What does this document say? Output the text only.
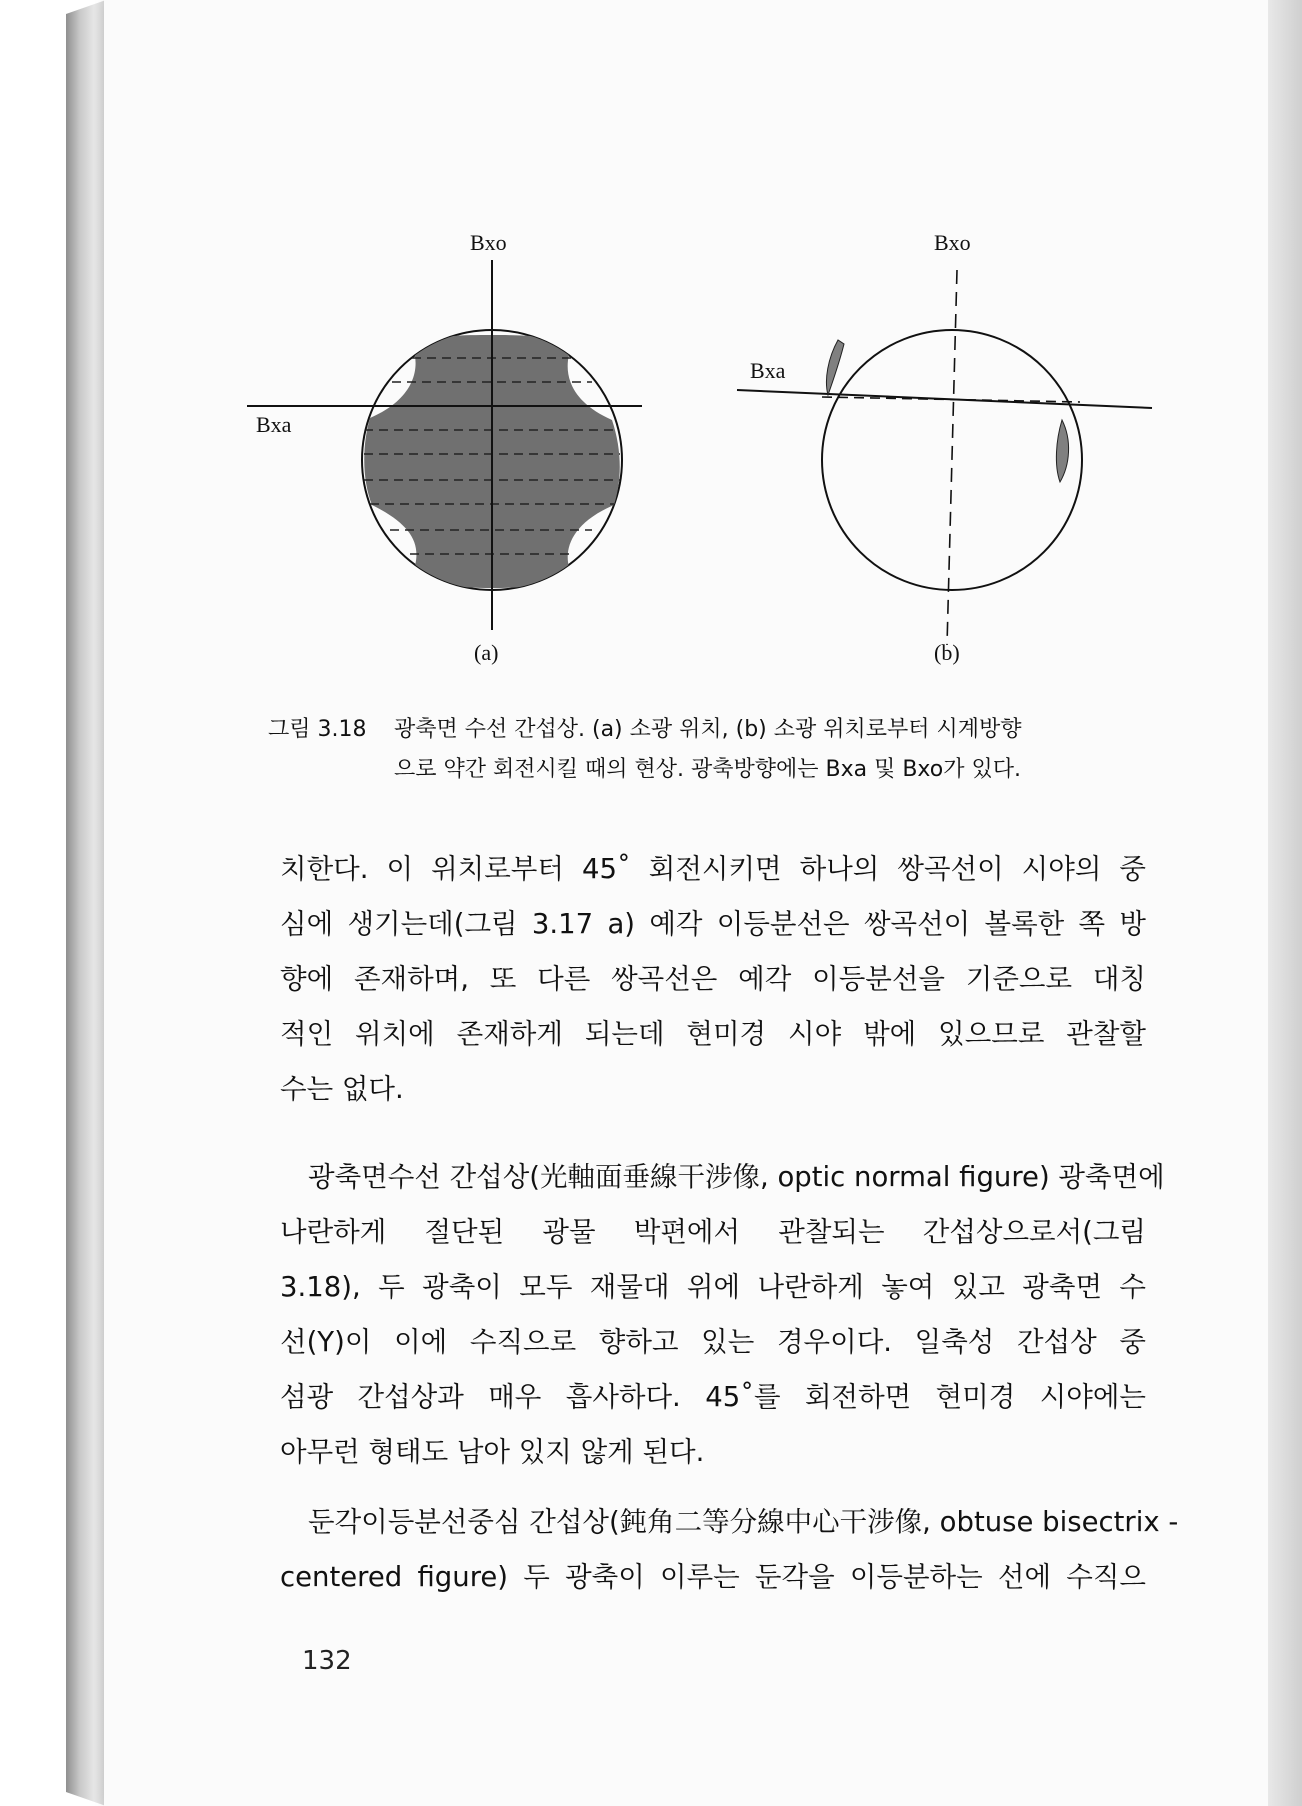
Bxo
Bxa
(a)
Bxo
Bxa
(b)
그림 3.18 광축면 수선 간섭상. (a) 소광 위치, (b) 소광 위치로부터 시계방향
으로 약간 회전시킬 때의 현상. 광축방향에는 Bxa 및 Bxo가 있다.
치한다. 이 위치로부터 45˚ 회전시키면 하나의 쌍곡선이 시야의 중
심에 생기는데(그림 3.17 a) 예각 이등분선은 쌍곡선이 볼록한 쪽 방
향에 존재하며, 또 다른 쌍곡선은 예각 이등분선을 기준으로 대칭
적인 위치에 존재하게 되는데 현미경 시야 밖에 있으므로 관찰할
수는 없다.
광축면수선 간섭상(光軸面垂線干涉像, optic normal figure) 광축면에
나란하게 절단된 광물 박편에서 관찰되는 간섭상으로서(그림
3.18), 두 광축이 모두 재물대 위에 나란하게 놓여 있고 광축면 수
선(Y)이 이에 수직으로 향하고 있는 경우이다. 일축성 간섭상 중
섬광 간섭상과 매우 흡사하다. 45˚를 회전하면 현미경 시야에는
아무런 형태도 남아 있지 않게 된다.
둔각이등분선중심 간섭상(鈍角二等分線中心干涉像, obtuse bisectrix -
centered figure) 두 광축이 이루는 둔각을 이등분하는 선에 수직으
132
